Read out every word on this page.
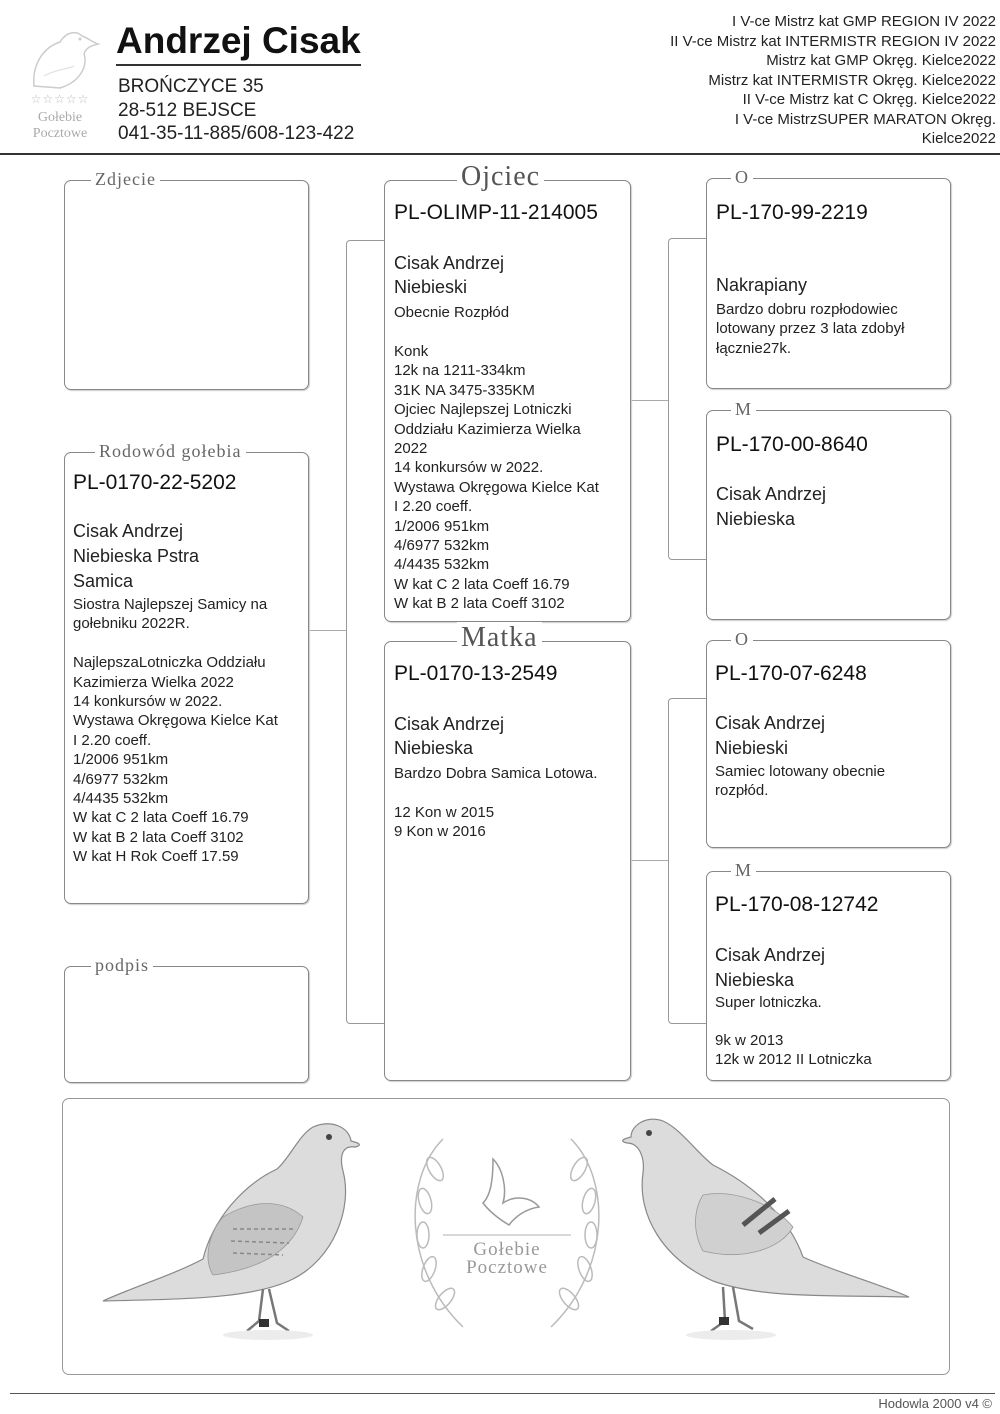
☆☆☆☆☆
Gołebie
Pocztowe
Andrzej Cisak
BROŃCZYCE 35
28-512 BEJSCE
041-35-11-885/608-123-422
I V-ce Mistrz kat GMP REGION IV 2022
II V-ce Mistrz kat INTERMISTR REGION IV 2022
Mistrz kat GMP Okręg. Kielce2022
Mistrz kat INTERMISTR Okręg. Kielce2022
II V-ce Mistrz kat C Okręg. Kielce2022
I V-ce MistrzSUPER MARATON Okręg.
Kielce2022
Zdjecie
Rodowód gołebia
PL-0170-22-5202
Cisak Andrzej
Niebieska Pstra
Samica
Siostra Najlepszej Samicy na
gołebniku 2022R.
NajlepszaLotniczka Oddziału
Kazimierza Wielka 2022
14 konkursów w 2022.
Wystawa Okręgowa Kielce Kat
I 2.20 coeff.
1/2006 951km
4/6977 532km
4/4435 532km
W kat C 2 lata Coeff 16.79
W kat B 2 lata Coeff 3102
W kat H Rok Coeff 17.59
podpis
Ojciec
PL-OLIMP-11-214005
Cisak Andrzej
Niebieski
Obecnie Rozpłód
Konk
12k na 1211-334km
31K NA 3475-335KM
Ojciec Najlepszej Lotniczki
Oddziału Kazimierza Wielka
2022
14 konkursów w 2022.
Wystawa Okręgowa Kielce Kat
I 2.20 coeff.
1/2006 951km
4/6977 532km
4/4435 532km
W kat C 2 lata Coeff 16.79
W kat B 2 lata Coeff 3102
Matka
PL-0170-13-2549
Cisak Andrzej
Niebieska
Bardzo Dobra Samica Lotowa.
12 Kon w 2015
9 Kon w 2016
O
PL-170-99-2219
Nakrapiany
Bardzo dobru rozpłodowiec
lotowany przez 3 lata zdobył
łącznie27k.
M
PL-170-00-8640
Cisak Andrzej
Niebieska
O
PL-170-07-6248
Cisak Andrzej
Niebieski
Samiec lotowany obecnie
rozpłód.
M
PL-170-08-12742
Cisak Andrzej
Niebieska
Super lotniczka.
9k w 2013
12k w 2012 II Lotniczka
Gołebie
Pocztowe
Hodowla 2000 v4 ©
